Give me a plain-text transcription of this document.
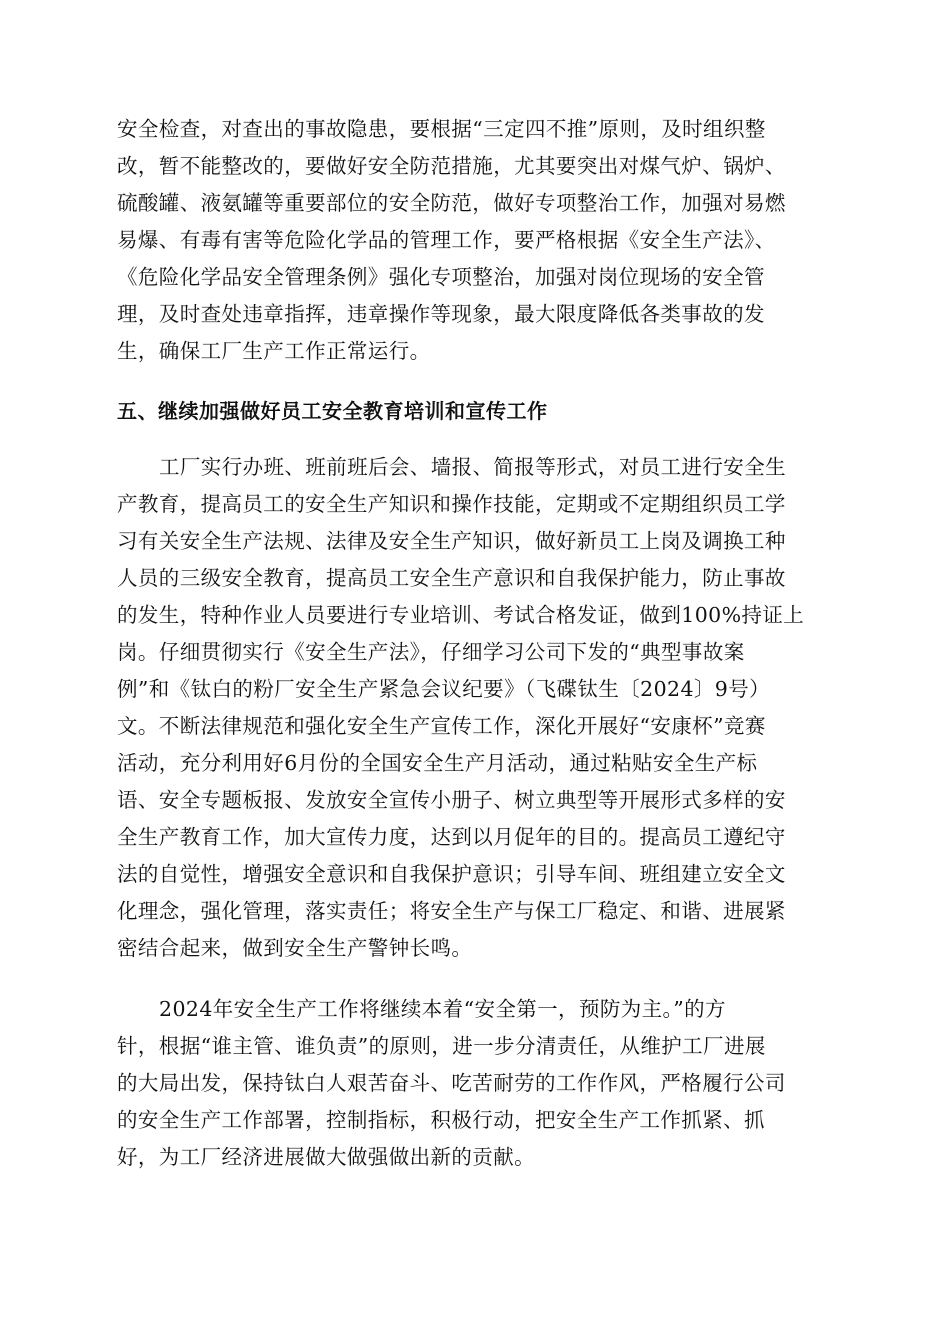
安全检查，对查出的事故隐患，要根据“三定四不推”原则，及时组织整
改，暂不能整改的，要做好安全防范措施，尤其要突出对煤气炉、锅炉、
硫酸罐、液氨罐等重要部位的安全防范，做好专项整治工作，加强对易燃
易爆、有毒有害等危险化学品的管理工作，要严格根据《安全生产法》、
《危险化学品安全管理条例》强化专项整治，加强对岗位现场的安全管
理，及时查处违章指挥，违章操作等现象，最大限度降低各类事故的发
生，确保工厂生产工作正常运行。
五、继续加强做好员工安全教育培训和宣传工作
工厂实行办班、班前班后会、墙报、简报等形式，对员工进行安全生
产教育，提高员工的安全生产知识和操作技能，定期或不定期组织员工学
习有关安全生产法规、法律及安全生产知识，做好新员工上岗及调换工种
人员的三级安全教育，提高员工安全生产意识和自我保护能力，防止事故
的发生，特种作业人员要进行专业培训、考试合格发证，做到100%持证上
岗。仔细贯彻实行《安全生产法》，仔细学习公司下发的“典型事故案
例”和《钛白的粉厂安全生产紧急会议纪要》（飞碟钛生〔2024〕9号）
文。不断法律规范和强化安全生产宣传工作，深化开展好“安康杯”竞赛
活动，充分利用好6月份的全国安全生产月活动，通过粘贴安全生产标
语、安全专题板报、发放安全宣传小册子、树立典型等开展形式多样的安
全生产教育工作，加大宣传力度，达到以月促年的目的。提高员工遵纪守
法的自觉性，增强安全意识和自我保护意识；引导车间、班组建立安全文
化理念，强化管理，落实责任；将安全生产与保工厂稳定、和谐、进展紧
密结合起来，做到安全生产警钟长鸣。
2024年安全生产工作将继续本着“安全第一，预防为主。”的方
针，根据“谁主管、谁负责”的原则，进一步分清责任，从维护工厂进展
的大局出发，保持钛白人艰苦奋斗、吃苦耐劳的工作作风，严格履行公司
的安全生产工作部署，控制指标，积极行动，把安全生产工作抓紧、抓
好，为工厂经济进展做大做强做出新的贡献。
